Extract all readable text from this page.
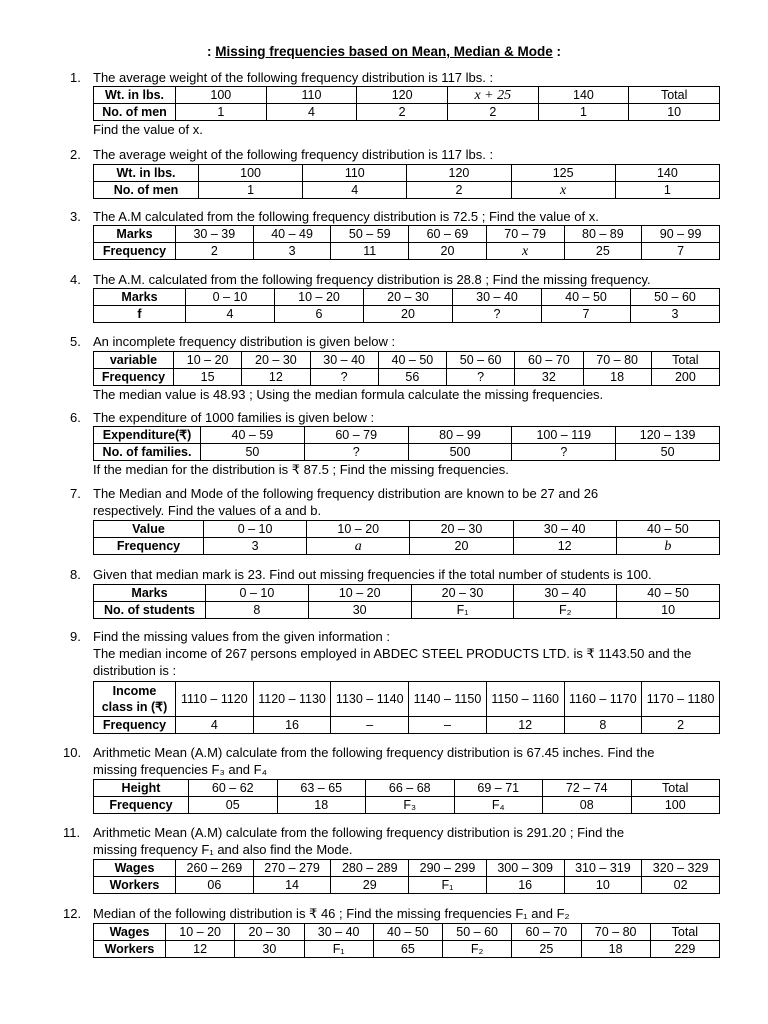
: Missing frequencies based on Mean, Median & Mode :
1. The average weight of the following frequency distribution is 117 lbs. :
Wt. in lbs.	100	110	120	x + 25	140	Total
No. of men	1	4	2	2	1	10
Find the value of x.
2. The average weight of the following frequency distribution is 117 lbs. :
Wt. in lbs.	100	110	120	125	140
No. of men	1	4	2	x	1
3. The A.M calculated from the following frequency distribution is 72.5 ; Find the value of x.
Marks	30 – 39	40 – 49	50 – 59	60 – 69	70 – 79	80 – 89	90 – 99
Frequency	2	3	11	20	x	25	7
4. The A.M. calculated from the following frequency distribution is 28.8 ; Find the missing frequency.
Marks	0 – 10	10 – 20	20 – 30	30 – 40	40 – 50	50 – 60
f	4	6	20	?	7	3
5. An incomplete frequency distribution is given below :
variable	10 – 20	20 – 30	30 – 40	40 – 50	50 – 60	60 – 70	70 – 80	Total
Frequency	15	12	?	56	?	32	18	200
The median value is 48.93 ; Using the median formula calculate the missing frequencies.
6. The expenditure of 1000 families is given below :
Expenditure(₹)	40 – 59	60 – 79	80 – 99	100 – 119	120 – 139
No. of families.	50	?	500	?	50
If the median for the distribution is ₹ 87.5 ; Find the missing frequencies.
7. The Median and Mode of the following frequency distribution are known to be 27 and 26
respectively. Find the values of a and b.
Value	0 – 10	10 – 20	20 – 30	30 – 40	40 – 50
Frequency	3	a	20	12	b
8. Given that median mark is 23. Find out missing frequencies if the total number of students is 100.
Marks	0 – 10	10 – 20	20 – 30	30 – 40	40 – 50
No. of students	8	30	F₁	F₂	10
9. Find the missing values from the given information :
The median income of 267 persons employed in ABDEC STEEL PRODUCTS LTD. is ₹ 1143.50 and the
distribution is :
Income class in (₹)	1110 – 1120	1120 – 1130	1130 – 1140	1140 – 1150	1150 – 1160	1160 – 1170	1170 – 1180
Frequency	4	16	–	–	12	8	2
10. Arithmetic Mean (A.M) calculate from the following frequency distribution is 67.45 inches. Find the
missing frequencies F₃ and F₄
Height	60 – 62	63 – 65	66 – 68	69 – 71	72 – 74	Total
Frequency	05	18	F₃	F₄	08	100
11. Arithmetic Mean (A.M) calculate from the following frequency distribution is 291.20 ; Find the
missing frequency F₁ and also find the Mode.
Wages	260 – 269	270 – 279	280 – 289	290 – 299	300 – 309	310 – 319	320 – 329
Workers	06	14	29	F₁	16	10	02
12. Median of the following distribution is ₹ 46 ; Find the missing frequencies F₁ and F₂
Wages	10 – 20	20 – 30	30 – 40	40 – 50	50 – 60	60 – 70	70 – 80	Total
Workers	12	30	F₁	65	F₂	25	18	229
